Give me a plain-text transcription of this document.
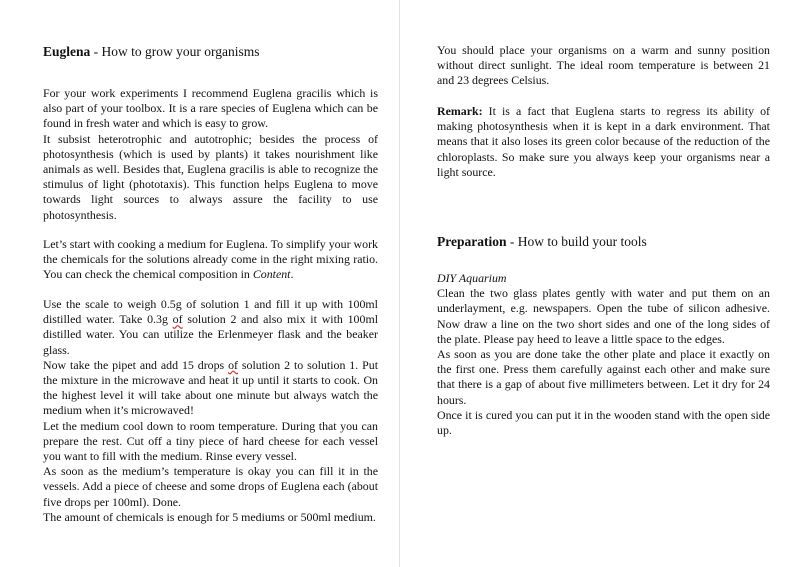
Euglena - How to grow your organisms
For your work experiments I recommend Euglena gracilis which is also part of your toolbox. It is a rare species of Euglena which can be found in fresh water and which is easy to grow.
It subsist heterotrophic and autotrophic; besides the process of photosynthesis (which is used by plants) it takes nourishment like animals as well. Besides that, Euglena gracilis is able to recognize the stimulus of light (phototaxis). This function helps Euglena to move towards light sources to always assure the facility to use photosynthesis.
Let’s start with cooking a medium for Euglena. To simplify your work the chemicals for the solutions already come in the right mixing ratio. You can check the chemical composition in Content.
Use the scale to weigh 0.5g of solution 1 and fill it up with 100ml distilled water. Take 0.3g of solution 2 and also mix it with 100ml distilled water. You can utilize the Erlenmeyer flask and the beaker glass.
Now take the pipet and add 15 drops of solution 2 to solution 1. Put the mixture in the microwave and heat it up until it starts to cook. On the highest level it will take about one minute but always watch the medium when it’s microwaved!
Let the medium cool down to room temperature. During that you can prepare the rest. Cut off a tiny piece of hard cheese for each vessel you want to fill with the medium. Rinse every vessel.
As soon as the medium’s temperature is okay you can fill it in the vessels. Add a piece of cheese and some drops of Euglena each (about five drops per 100ml). Done.
The amount of chemicals is enough for 5 mediums or 500ml medium.
You should place your organisms on a warm and sunny position without direct sunlight. The ideal room temperature is between 21 and 23 degrees Celsius.
Remark: It is a fact that Euglena starts to regress its ability of making photosynthesis when it is kept in a dark environment. That means that it also loses its green color because of the reduction of the chloroplasts. So make sure you always keep your organisms near a light source.
Preparation - How to build your tools
DIY Aquarium
Clean the two glass plates gently with water and put them on an underlayment, e.g. newspapers. Open the tube of silicon adhesive. Now draw a line on the two short sides and one of the long sides of the plate. Please pay heed to leave a little space to the edges.
As soon as you are done take the other plate and place it exactly on the first one. Press them carefully against each other and make sure that there is a gap of about five millimeters between. Let it dry for 24 hours.
Once it is cured you can put it in the wooden stand with the open side up.
